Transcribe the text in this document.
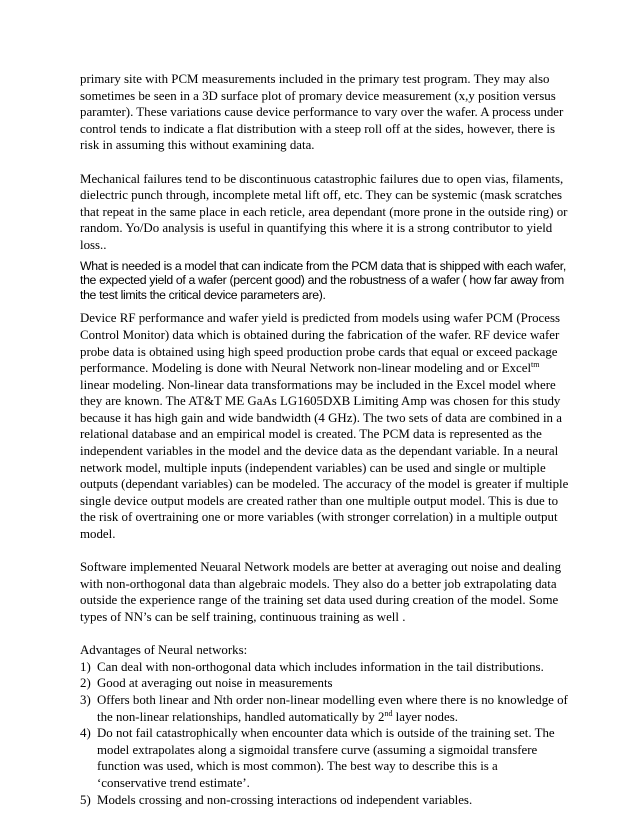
primary site with PCM measurements included in the primary test program. They may also sometimes be seen in a 3D surface plot of promary device measurement (x,y position versus paramter). These variations cause device performance to vary over the wafer. A process under control tends to indicate a flat distribution with a steep roll off at the sides, however, there is risk in assuming this without examining data.

Mechanical failures tend to be discontinuous catastrophic failures due to open vias, filaments, dielectric punch through, incomplete metal lift off, etc. They can be systemic (mask scratches that repeat in the same place in each reticle, area dependant (more prone in the outside ring) or random. Yo/Do analysis is useful in quantifying this where it is a strong contributor to yield loss..

What is needed is a model that can indicate from the PCM data that is shipped with each wafer, the expected yield of a wafer (percent good) and the robustness of a wafer ( how far away from the test limits the critical device parameters are).

Device RF performance and wafer yield is predicted from models using wafer PCM (Process Control Monitor) data which is obtained during the fabrication of the wafer. RF device wafer probe data is obtained using high speed production probe cards that equal or exceed package performance. Modeling is done with Neural Network non-linear modeling and or Excel$^{tm}$ linear modeling. Non-linear data transformations may be included in the Excel model where they are known. The AT&T ME GaAs LG1605DXB Limiting Amp was chosen for this study because it has high gain and wide bandwidth (4 GHz). The two sets of data are combined in a relational database and an empirical model is created. The PCM data is represented as the independent variables in the model and the device data as the dependant variable. In a neural network model, multiple inputs (independent variables) can be used and single or multiple outputs (dependant variables) can be modeled. The accuracy of the model is greater if multiple single device output models are created rather than one multiple output model. This is due to the risk of overtraining one or more variables (with stronger correlation) in a multiple output model.

Software implemented Neuaral Network models are better at averaging out noise and dealing with non-orthogonal data than algebraic models. They also do a better job extrapolating data outside the experience range of the training set data used during creation of the model. Some types of NN’s can be self training, continuous training as well .

Advantages of Neural networks:

1) Can deal with non-orthogonal data which includes information in the tail distributions.
2) Good at averaging out noise in measurements
3) Offers both linear and Nth order non-linear modelling even where there is no knowledge of the non-linear relationships, handled automatically by 2nd layer nodes.
4) Do not fail catastrophically when encounter data which is outside of the training set. The model extrapolates along a sigmoidal transfere curve (assuming a sigmoidal transfere function was used, which is most common). The best way to describe this is a ‘conservative trend estimate’.
5) Models crossing and non-crossing interactions od independent variables.
